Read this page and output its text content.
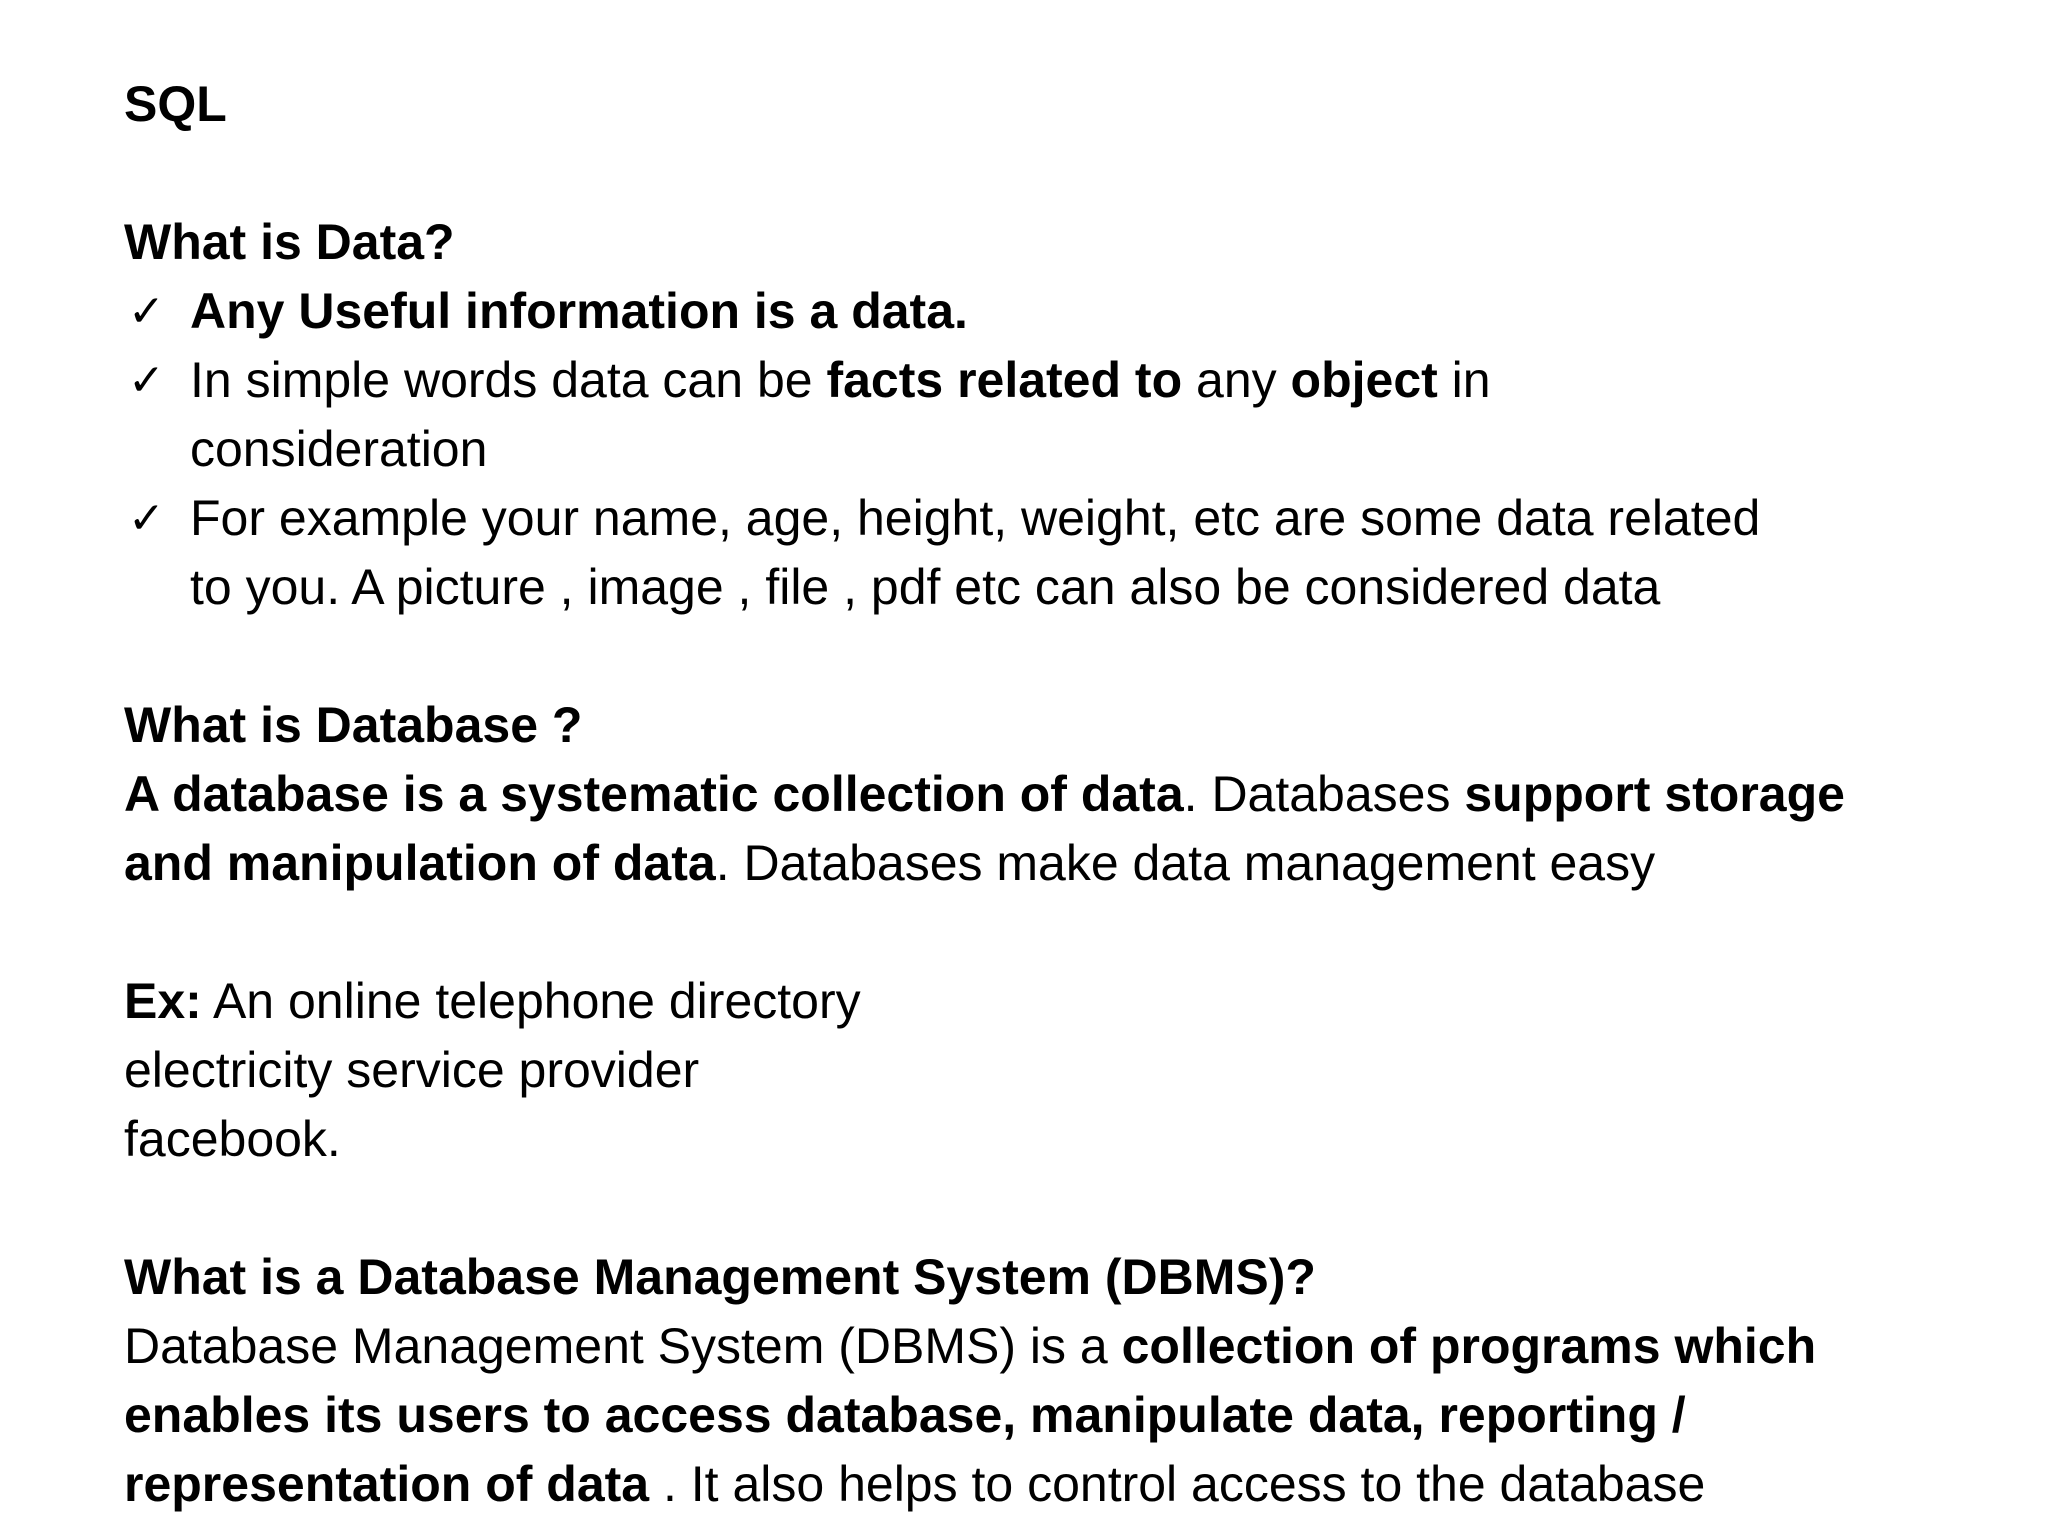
SQL
What is Data?
✓ Any Useful information is a data.
✓ In simple words data can be facts related to any object in
consideration
✓ For example your name, age, height, weight, etc are some data related
to you. A picture , image , file , pdf etc can also be considered data
What is Database ?
A database is a systematic collection of data. Databases support storage
and manipulation of data. Databases make data management easy
Ex: An online telephone directory
electricity service provider
facebook.
What is a Database Management System (DBMS)?
Database Management System (DBMS) is a collection of programs which
enables its users to access database, manipulate data, reporting /
representation of data . It also helps to control access to the database
